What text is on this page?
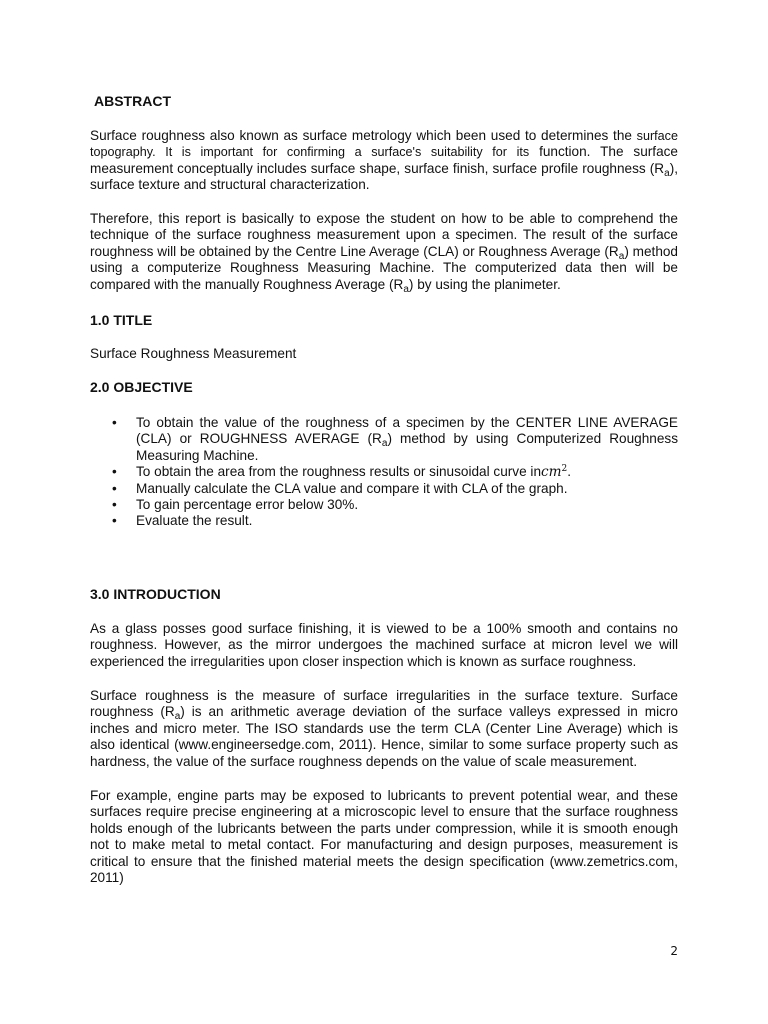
ABSTRACT

Surface roughness also known as surface metrology which been used to determines the surface topography. It is important for confirming a surface's suitability for its function. The surface measurement conceptually includes surface shape, surface finish, surface profile roughness $(R_a)$, surface texture and structural characterization.

Therefore, this report is basically to expose the student on how to be able to comprehend the technique of the surface roughness measurement upon a specimen. The result of the surface roughness will be obtained by the Centre Line Average (CLA) or Roughness Average $(R_a)$ method using a computerize Roughness Measuring Machine. The computerized data then will be compared with the manually Roughness Average $(R_a)$ by using the planimeter.

1.0 TITLE

Surface Roughness Measurement

2.0 OBJECTIVE
• To obtain the value of the roughness of a specimen by the CENTER LINE AVERAGE (CLA) or ROUGHNESS AVERAGE $(R_a)$ method by using Computerized Roughness Measuring Machine.
• To obtain the area from the roughness results or sinusoidal curve incm$^2$.
• Manually calculate the CLA value and compare it with CLA of the graph.
• To gain percentage error below 30%.
• Evaluate the result.
3.0 INTRODUCTION

As a glass posses good surface finishing, it is viewed to be a 100% smooth and contains no roughness. However, as the mirror undergoes the machined surface at micron level we will experienced the irregularities upon closer inspection which is known as surface roughness.

Surface roughness is the measure of surface irregularities in the surface texture. Surface roughness $(R_a)$ is an arithmetic average deviation of the surface valleys expressed in micro inches and micro meter. The ISO standards use the term CLA (Center Line Average) which is also identical (www.engineersedge.com, 2011). Hence, similar to some surface property such as hardness, the value of the surface roughness depends on the value of scale measurement.

For example, engine parts may be exposed to lubricants to prevent potential wear, and these surfaces require precise engineering at a microscopic level to ensure that the surface roughness holds enough of the lubricants between the parts under compression, while it is smooth enough not to make metal to metal contact. For manufacturing and design purposes, measurement is critical to ensure that the finished material meets the design specification (www.zemetrics.com, 2011)

2
